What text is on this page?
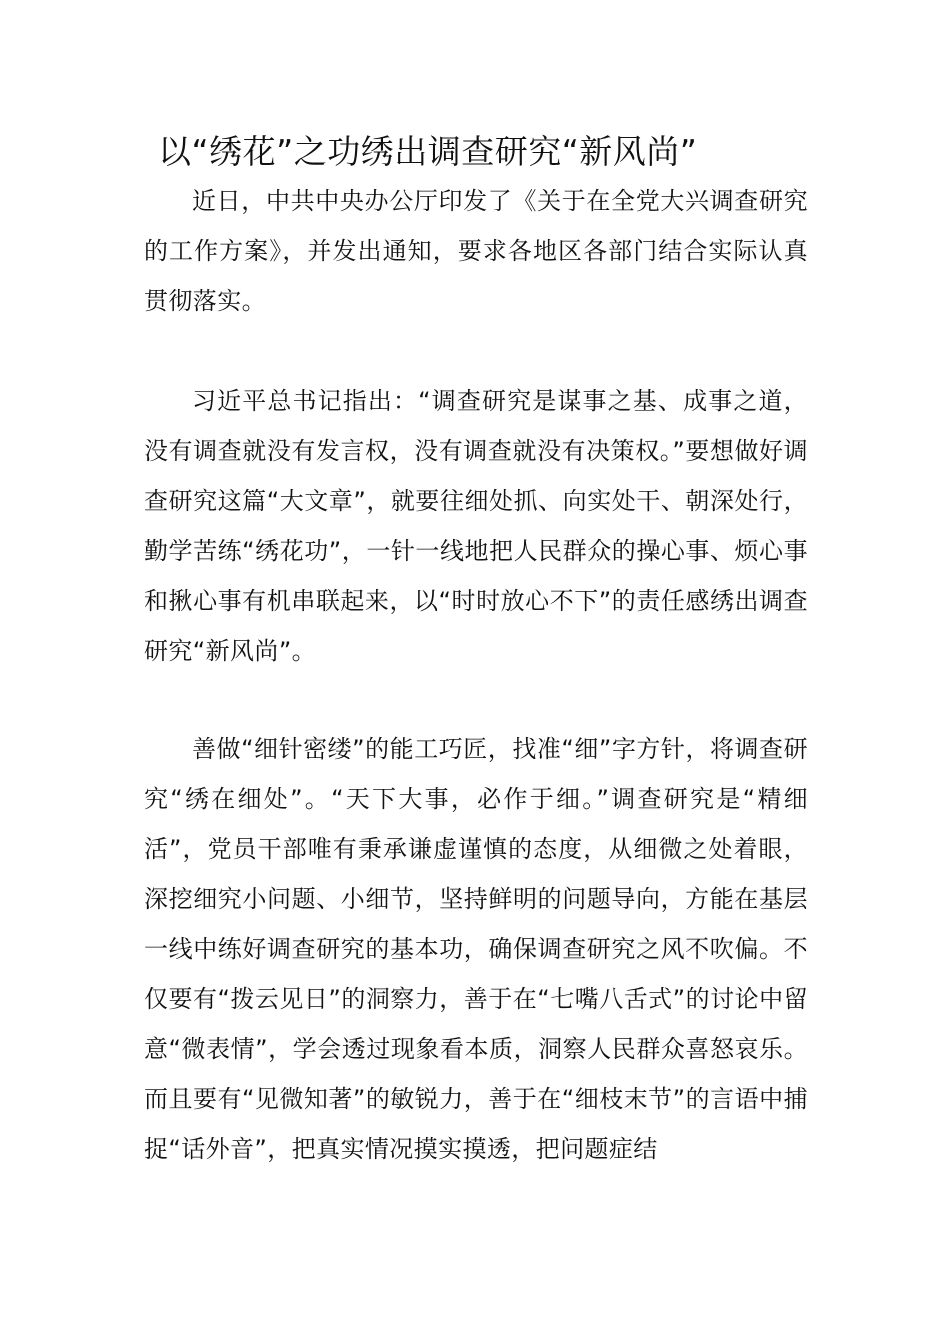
以“绣花”之功绣出调查研究“新风尚”

近日，中共中央办公厅印发了《关于在全党大兴调查研究的工作方案》，并发出通知，要求各地区各部门结合实际认真贯彻落实。

习近平总书记指出：“调查研究是谋事之基、成事之道，没有调查就没有发言权，没有调查就没有决策权。”要想做好调查研究这篇“大文章”，就要往细处抓、向实处干、朝深处行，勤学苦练“绣花功”，一针一线地把人民群众的操心事、烦心事和揪心事有机串联起来，以“时时放心不下”的责任感绣出调查研究“新风尚”。

善做“细针密缕”的能工巧匠，找准“细”字方针，将调查研究“绣在细处”。“天下大事，必作于细。”调查研究是“精细活”，党员干部唯有秉承谦虚谨慎的态度，从细微之处着眼，深挖细究小问题、小细节，坚持鲜明的问题导向，方能在基层一线中练好调查研究的基本功，确保调查研究之风不吹偏。不仅要有“拨云见日”的洞察力，善于在“七嘴八舌式”的讨论中留意“微表情”，学会透过现象看本质，洞察人民群众喜怒哀乐。而且要有“见微知著”的敏锐力，善于在“细枝末节”的言语中捕捉“话外音”，把真实情况摸实摸透，把问题症结
